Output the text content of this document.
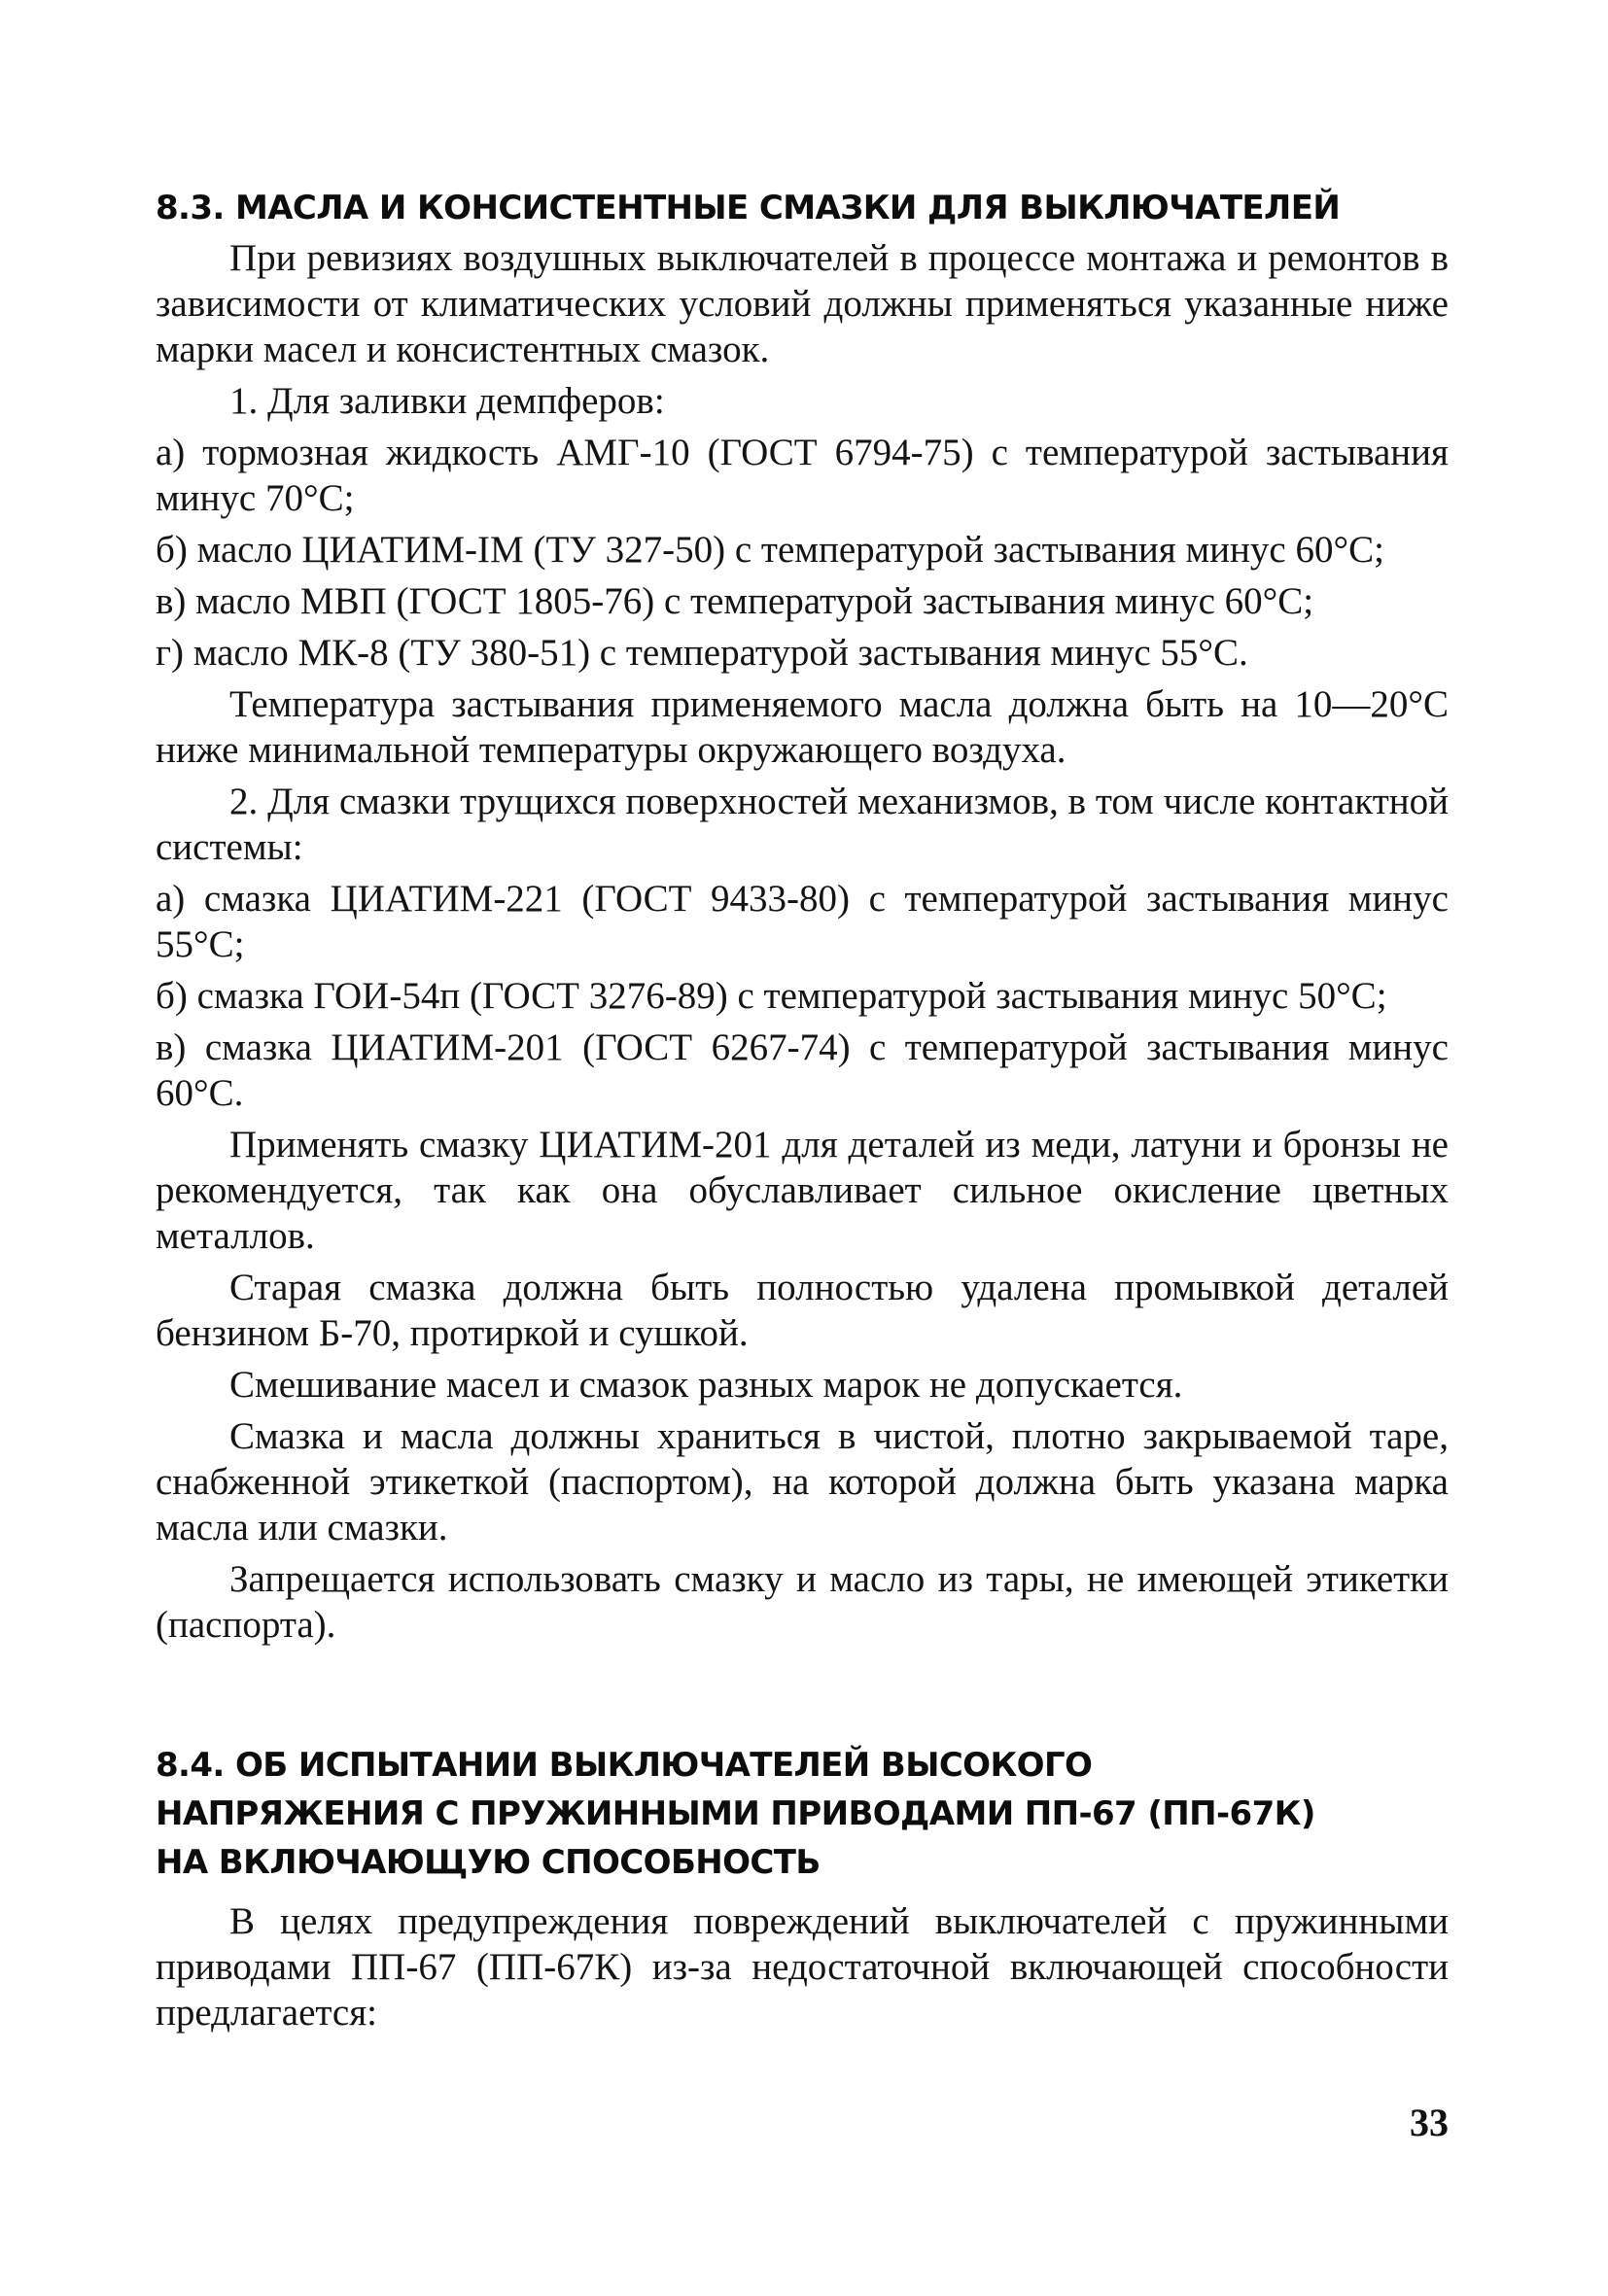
8.3. МАСЛА И КОНСИСТЕНТНЫЕ СМАЗКИ ДЛЯ ВЫКЛЮЧАТЕЛЕЙ

При ревизиях воздушных выключателей в процессе монтажа и ремонтов в зависимости от климатических условий должны применяться указанные ниже марки масел и консистентных смазок.

1. Для заливки демпферов:

а) тормозная жидкость АМГ-10 (ГОСТ 6794-75) с температурой застывания минус 70°С;

б) масло ЦИАТИМ-IМ (ТУ 327-50) с температурой застывания минус 60°С;

в) масло МВП (ГОСТ 1805-76) с температурой застывания минус 60°С;

г) масло МК-8 (ТУ 380-51) с температурой застывания минус 55°С.

Температура застывания применяемого масла должна быть на 10—20°С ниже минимальной температуры окружающего воздуха.

2. Для смазки трущихся поверхностей механизмов, в том числе контактной системы:

а) смазка ЦИАТИМ-221 (ГОСТ 9433-80) с температурой застывания минус 55°С;

б) смазка ГОИ-54п (ГОСТ 3276-89) с температурой застывания минус 50°С;

в) смазка ЦИАТИМ-201 (ГОСТ 6267-74) с температурой застывания минус 60°С.

Применять смазку ЦИАТИМ-201 для деталей из меди, латуни и бронзы не рекомендуется, так как она обуславливает сильное окисление цветных металлов.

Старая смазка должна быть полностью удалена промывкой деталей бензином Б-70, протиркой и сушкой.

Смешивание масел и смазок разных марок не допускается.

Смазка и масла должны храниться в чистой, плотно закрываемой таре, снабженной этикеткой (паспортом), на которой должна быть указана марка масла или смазки.

Запрещается использовать смазку и масло из тары, не имеющей этикетки (паспорта).

8.4. ОБ ИСПЫТАНИИ ВЫКЛЮЧАТЕЛЕЙ ВЫСОКОГО
НАПРЯЖЕНИЯ С ПРУЖИННЫМИ ПРИВОДАМИ ПП-67 (ПП-67К)
НА ВКЛЮЧАЮЩУЮ СПОСОБНОСТЬ

В целях предупреждения повреждений выключателей с пружинными приводами ПП-67 (ПП-67К) из-за недостаточной включающей способности предлагается:

33
